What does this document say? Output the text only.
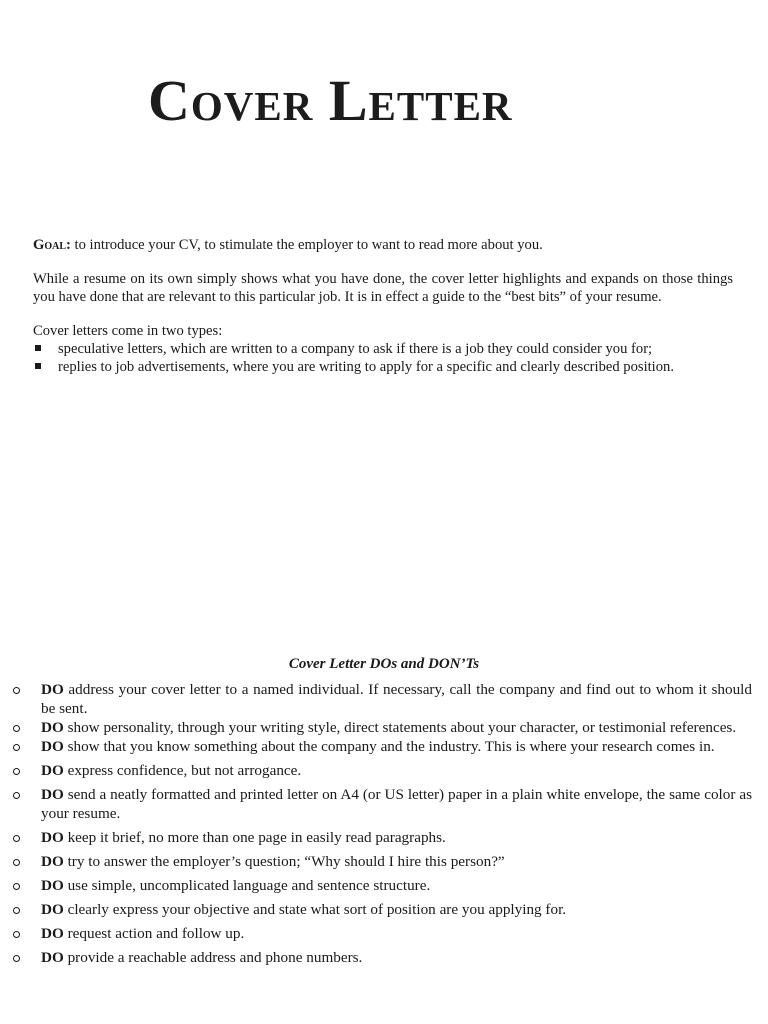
Cover Letter

Goal: to introduce your CV, to stimulate the employer to want to read more about you.

While a resume on its own simply shows what you have done, the cover letter highlights and expands on those things you have done that are relevant to this particular job. It is in effect a guide to the “best bits” of your resume.

Cover letters come in two types:

speculative letters, which are written to a company to ask if there is a job they could consider you for;
replies to job advertisements, where you are writing to apply for a specific and clearly described position.
Cover Letter DOs and DON’Ts
DO address your cover letter to a named individual. If necessary, call the company and find out to whom it should be sent.
DO show personality, through your writing style, direct statements about your character, or testimonial references.
DO show that you know something about the company and the industry. This is where your research comes in.
DO express confidence, but not arrogance.
DO send a neatly formatted and printed letter on A4 (or US letter) paper in a plain white envelope, the same color as your resume.
DO keep it brief, no more than one page in easily read paragraphs.
DO try to answer the employer’s question; “Why should I hire this person?”
DO use simple, uncomplicated language and sentence structure.
DO clearly express your objective and state what sort of position are you applying for.
DO request action and follow up.
DO provide a reachable address and phone numbers.
